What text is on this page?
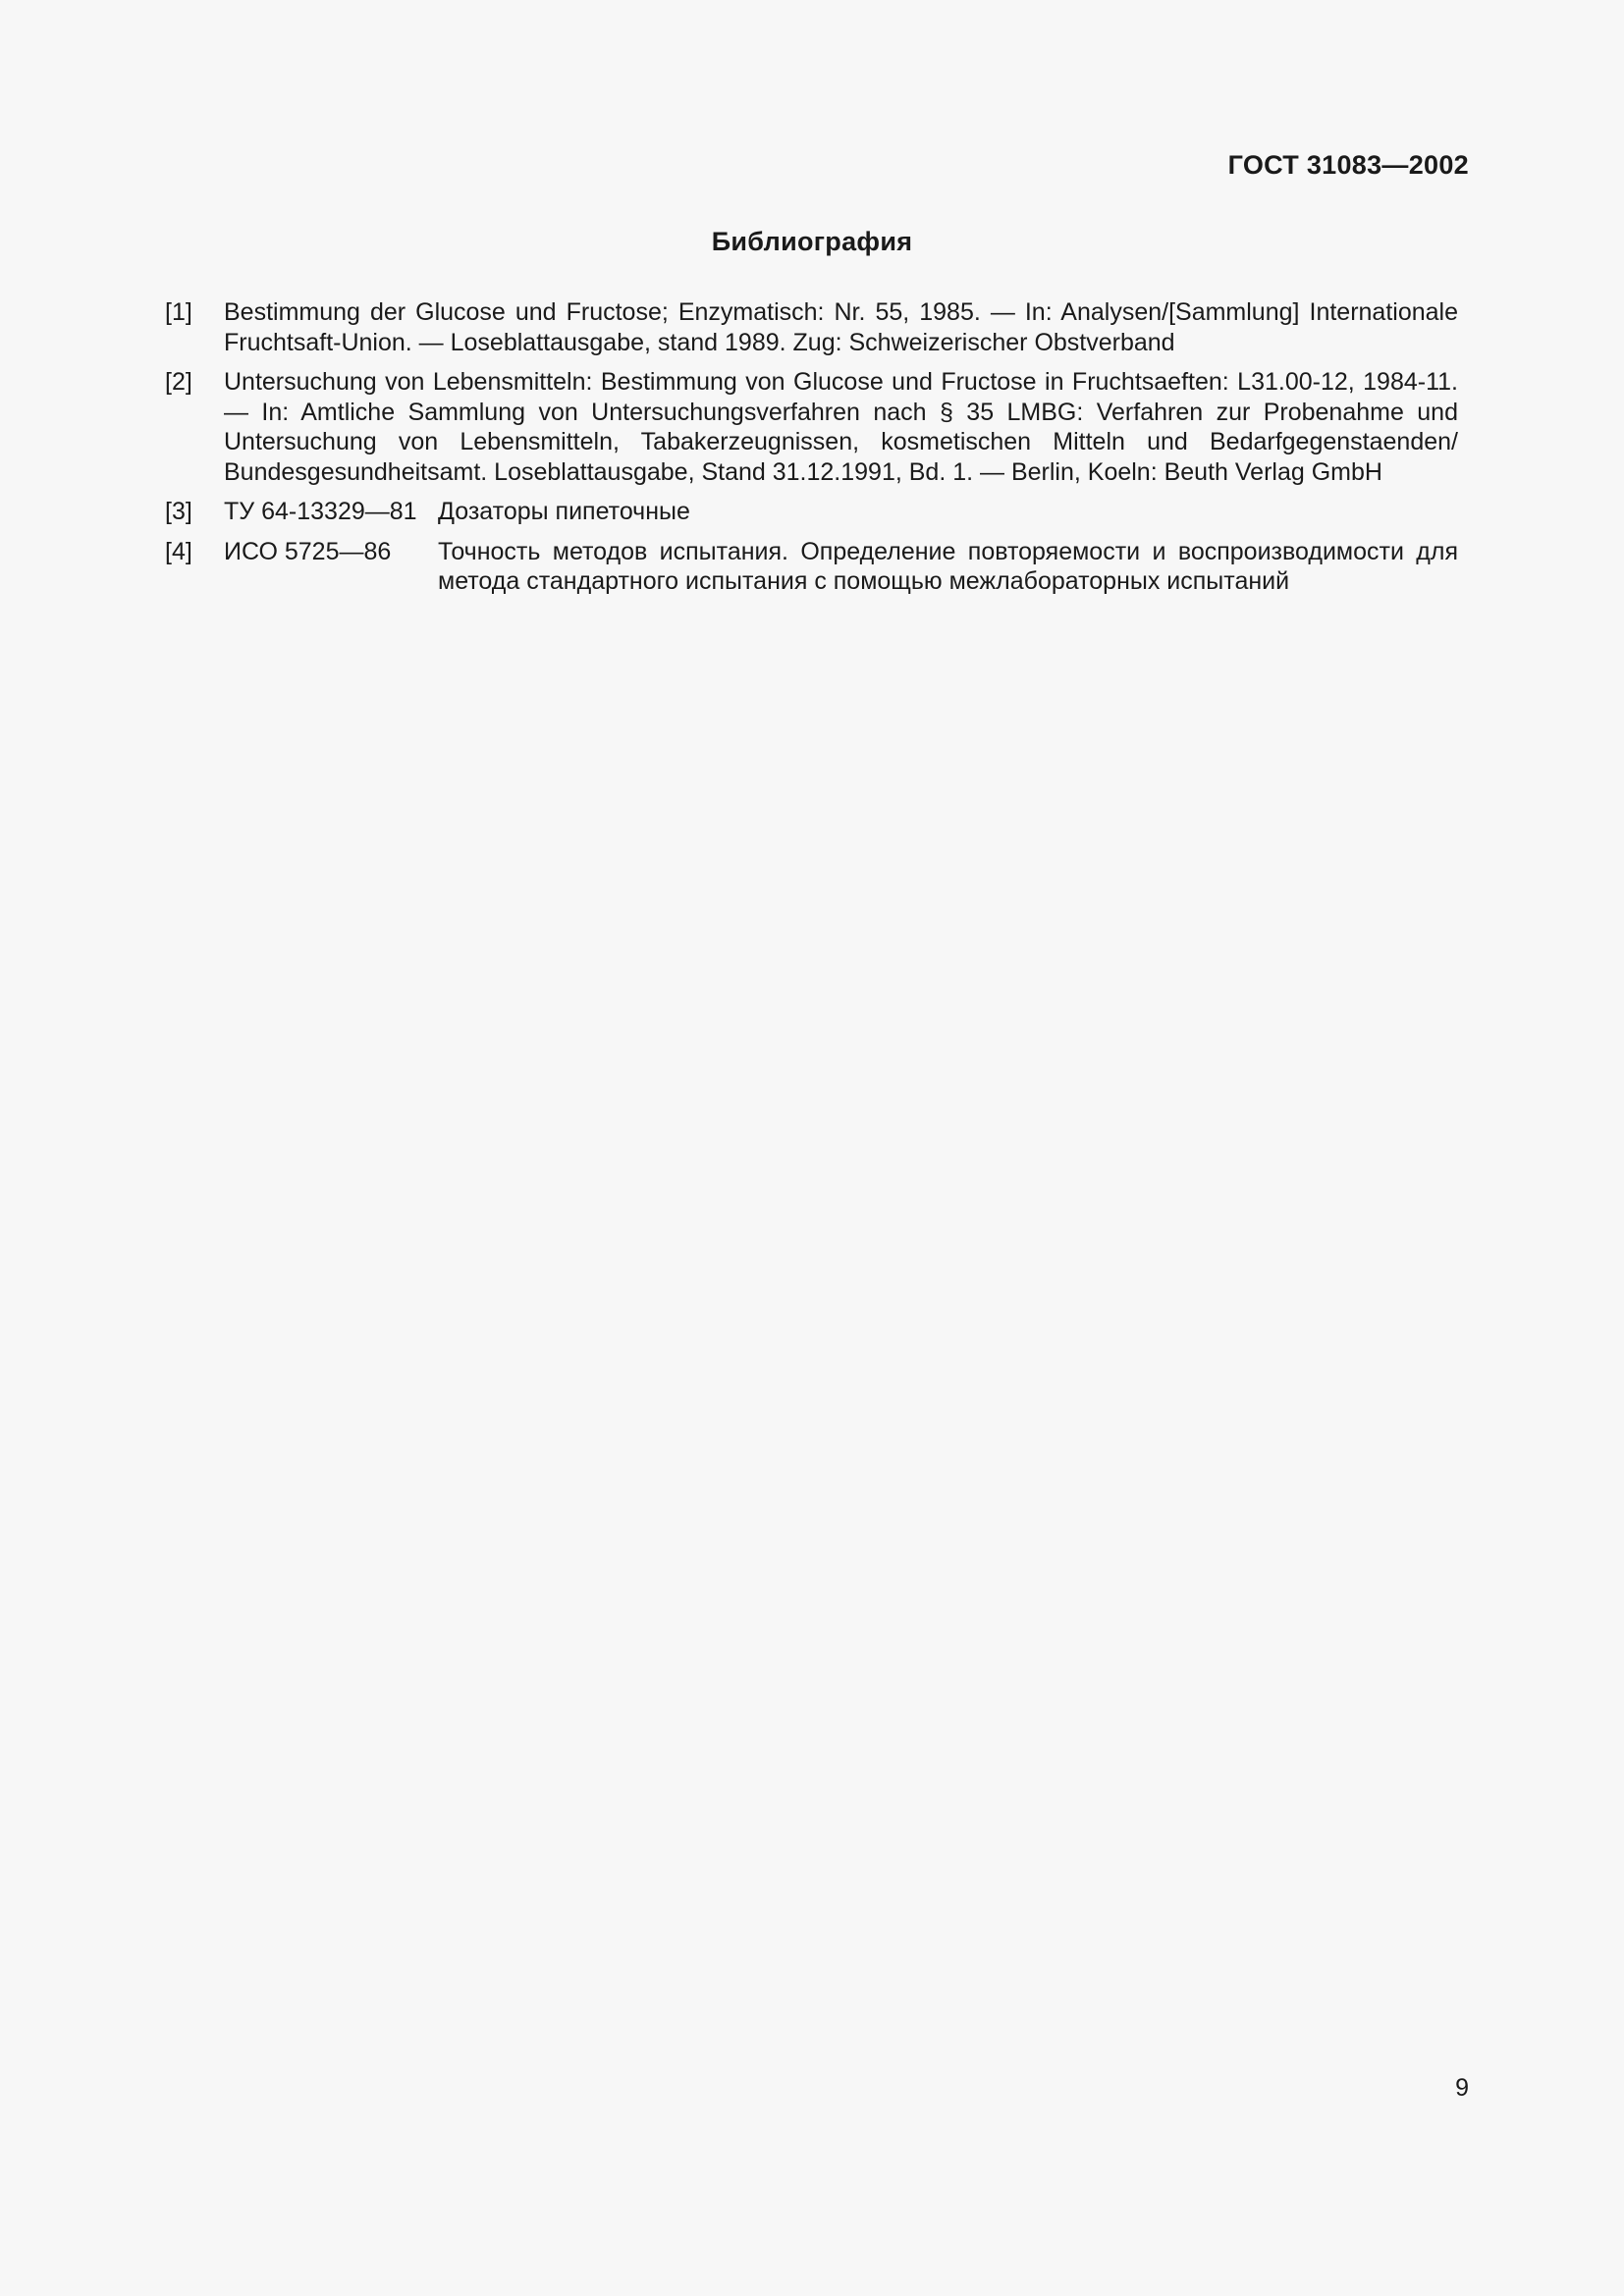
ГОСТ 31083—2002
Библиография
[1]	Bestimmung der Glucose und Fructose; Enzymatisch: Nr. 55, 1985. — In: Analysen/[Sammlung] Internationale Fruchtsaft-Union. — Loseblattausgabe, stand 1989. Zug: Schweizerischer Obstverband
[2]	Untersuchung von Lebensmitteln: Bestimmung von Glucose und Fructose in Fruchtsaeften: L31.00-12, 1984-11. — In: Amtliche Sammlung von Untersuchungsverfahren nach § 35 LMBG: Verfahren zur Probenahme und Untersuchung von Lebensmitteln, Tabakerzeugnissen, kosmetischen Mitteln und Bedarfgegenstaenden/ Bundesgesundheitsamt. Loseblattausgabe, Stand 31.12.1991, Bd. 1. — Berlin, Koeln: Beuth Verlag GmbH
[3]	ТУ 64-13329—81 Дозаторы пипеточные
[4]	ИСО 5725—86	Точность методов испытания. Определение повторяемости и воспроизводимости для метода стандартного испытания с помощью межлабораторных испытаний
9
